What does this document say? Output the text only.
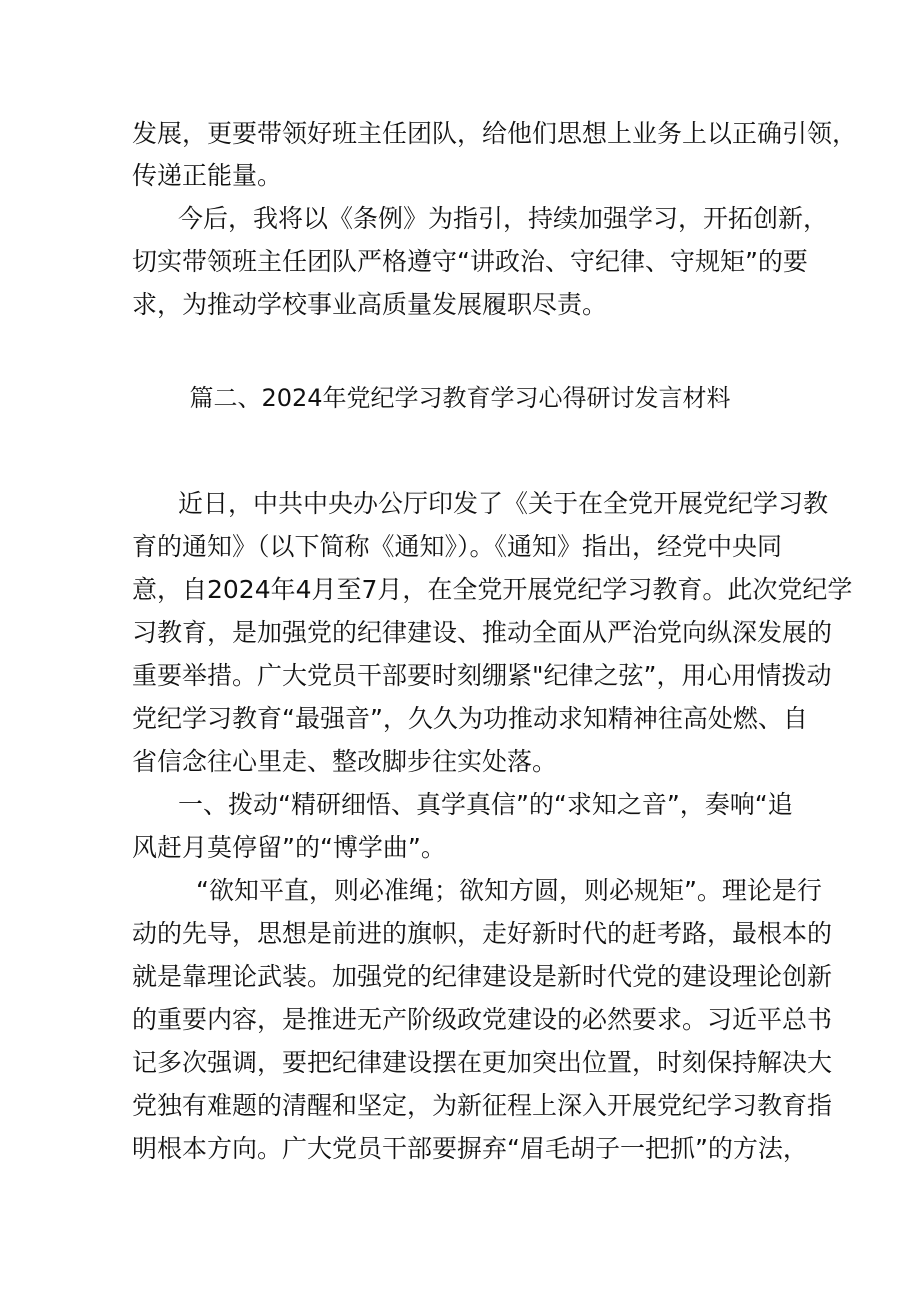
发展，更要带领好班主任团队，给他们思想上业务上以正确引领，
传递正能量。
今后，我将以《条例》为指引，持续加强学习，开拓创新，
切实带领班主任团队严格遵守“讲政治、守纪律、守规矩”的要
求，为推动学校事业高质量发展履职尽责。
篇二、2024年党纪学习教育学习心得研讨发言材料
近日，中共中央办公厅印发了《关于在全党开展党纪学习教
育的通知》（以下简称《通知》）。《通知》指出，经党中央同
意，自2024年4月至7月，在全党开展党纪学习教育。此次党纪学
习教育，是加强党的纪律建设、推动全面从严治党向纵深发展的
重要举措。广大党员干部要时刻绷紧"纪律之弦”，用心用情拨动
党纪学习教育“最强音”，久久为功推动求知精神往高处燃、自
省信念往心里走、整改脚步往实处落。
一、拨动“精研细悟、真学真信”的“求知之音”，奏响“追
风赶月莫停留”的“博学曲”。
“欲知平直，则必准绳；欲知方圆，则必规矩”。理论是行
动的先导，思想是前进的旗帜，走好新时代的赶考路，最根本的
就是靠理论武装。加强党的纪律建设是新时代党的建设理论创新
的重要内容，是推进无产阶级政党建设的必然要求。习近平总书
记多次强调，要把纪律建设摆在更加突出位置，时刻保持解决大
党独有难题的清醒和坚定，为新征程上深入开展党纪学习教育指
明根本方向。广大党员干部要摒弃“眉毛胡子一把抓”的方法，
